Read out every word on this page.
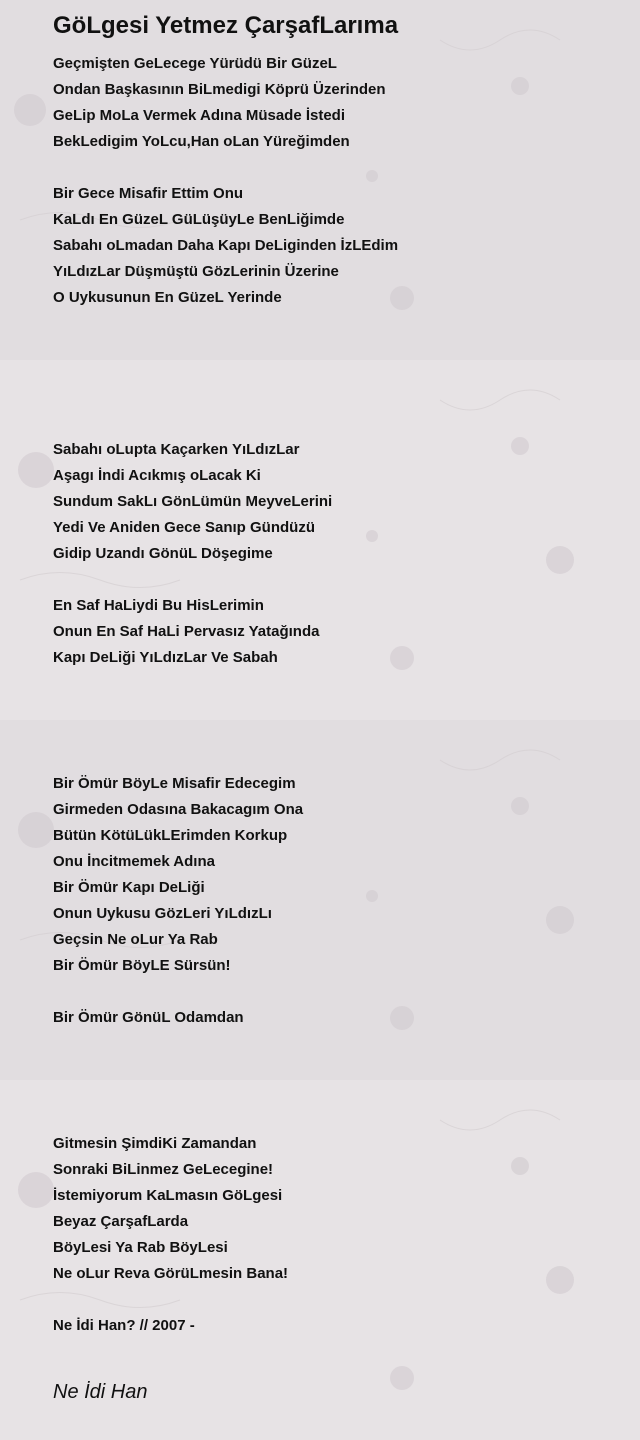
GöLgesi Yetmez ÇarşafLarıma

Geçmişten GeLecege Yürüdü Bir GüzeL

Ondan Başkasının BiLmedigi Köprü Üzerinden

GeLip MoLa Vermek Adına Müsade İstedi

BekLedigim YoLcu,Han oLan Yüreğimden

Bir Gece Misafir Ettim Onu

KaLdı En GüzeL GüLüşüyLe BenLiğimde

Sabahı oLmadan Daha Kapı DeLiginden İzLEdim

YıLdızLar Düşmüştü GözLerinin Üzerine

O Uykusunun En GüzeL Yerinde

Sabahı oLupta Kaçarken YıLdızLar

Aşagı İndi Acıkmış oLacak Ki

Sundum SakLı GönLümün MeyveLerini

Yedi Ve Aniden Gece Sanıp Gündüzü

Gidip Uzandı GönüL Döşegime

En Saf HaLiydi Bu HisLerimin

Onun En Saf HaLi Pervasız Yatağında

Kapı DeLiği YıLdızLar Ve Sabah

Bir Ömür BöyLe Misafir Edecegim

Girmeden Odasına Bakacagım Ona

Bütün KötüLükLErimden Korkup

Onu İncitmemek Adına

Bir Ömür Kapı DeLiği

Onun Uykusu GözLeri YıLdızLı

Geçsin Ne oLur Ya Rab

Bir Ömür BöyLE Sürsün!

Bir Ömür GönüL Odamdan

Gitmesin ŞimdiKi Zamandan

Sonraki BiLinmez GeLecegine!

İstemiyorum KaLmasın GöLgesi

Beyaz ÇarşafLarda

BöyLesi Ya Rab BöyLesi

Ne oLur Reva GörüLmesin Bana!

Ne İdi Han? // 2007 -

Ne İdi Han
